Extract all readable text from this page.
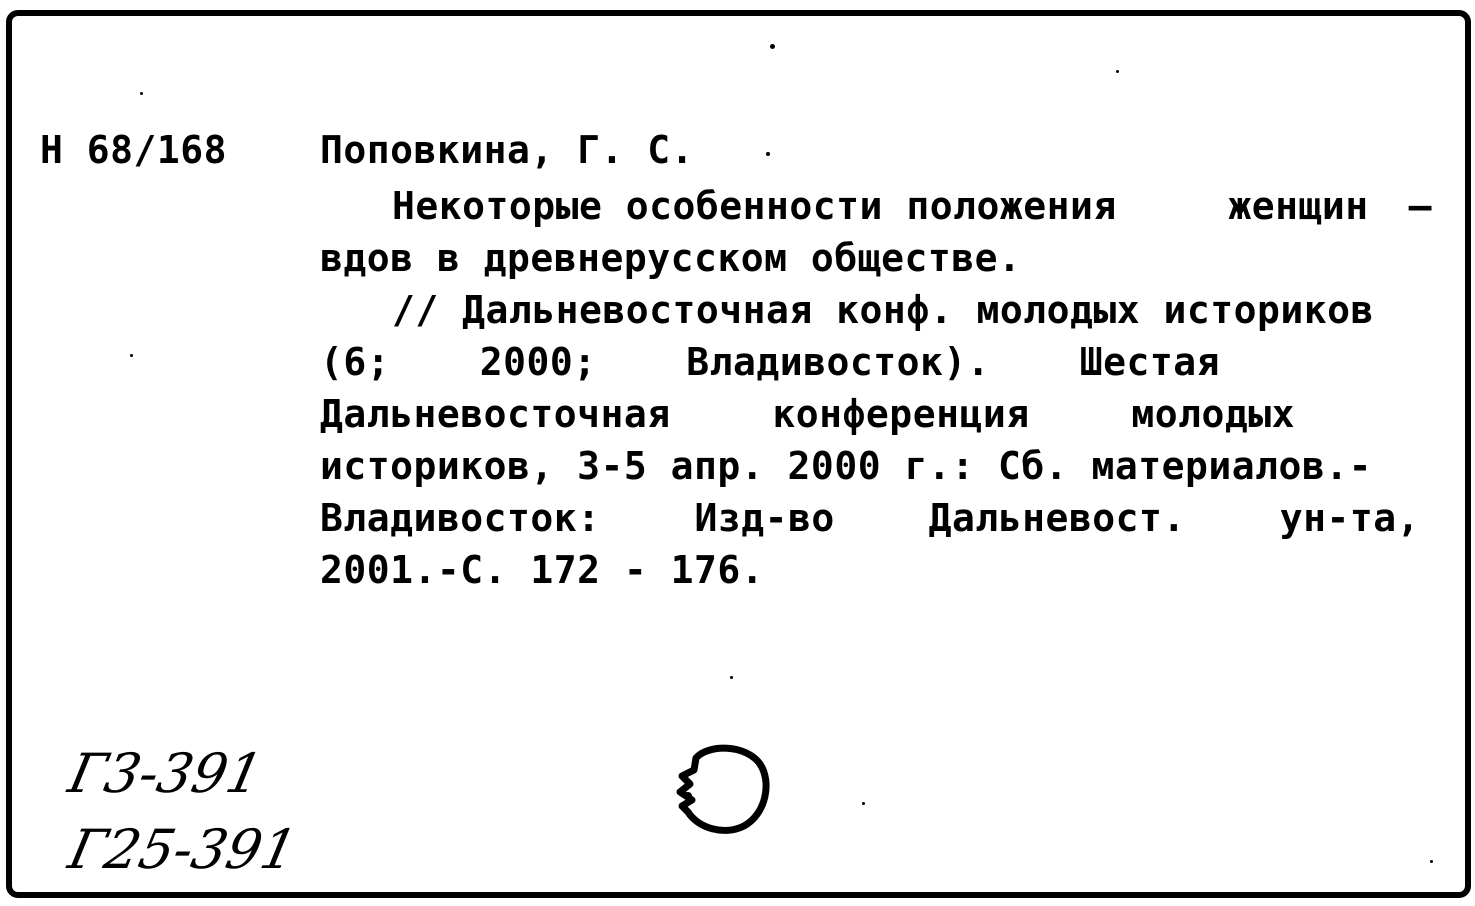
Н 68/168 Поповкина, Г. С.
Некоторые особенности положения	женщин –
вдов в древнерусском обществе.
// Дальневосточная конф. молодых историков
(6; 2000; Владивосток). Шестая
Дальневосточная	конференция	молодых
историков, 3-5 апр. 2000 г.: Сб. материалов.-
Владивосток: Изд-во Дальневост. ун-та,
2001.-С. 172 - 176.
Г3-391
Г25-391
